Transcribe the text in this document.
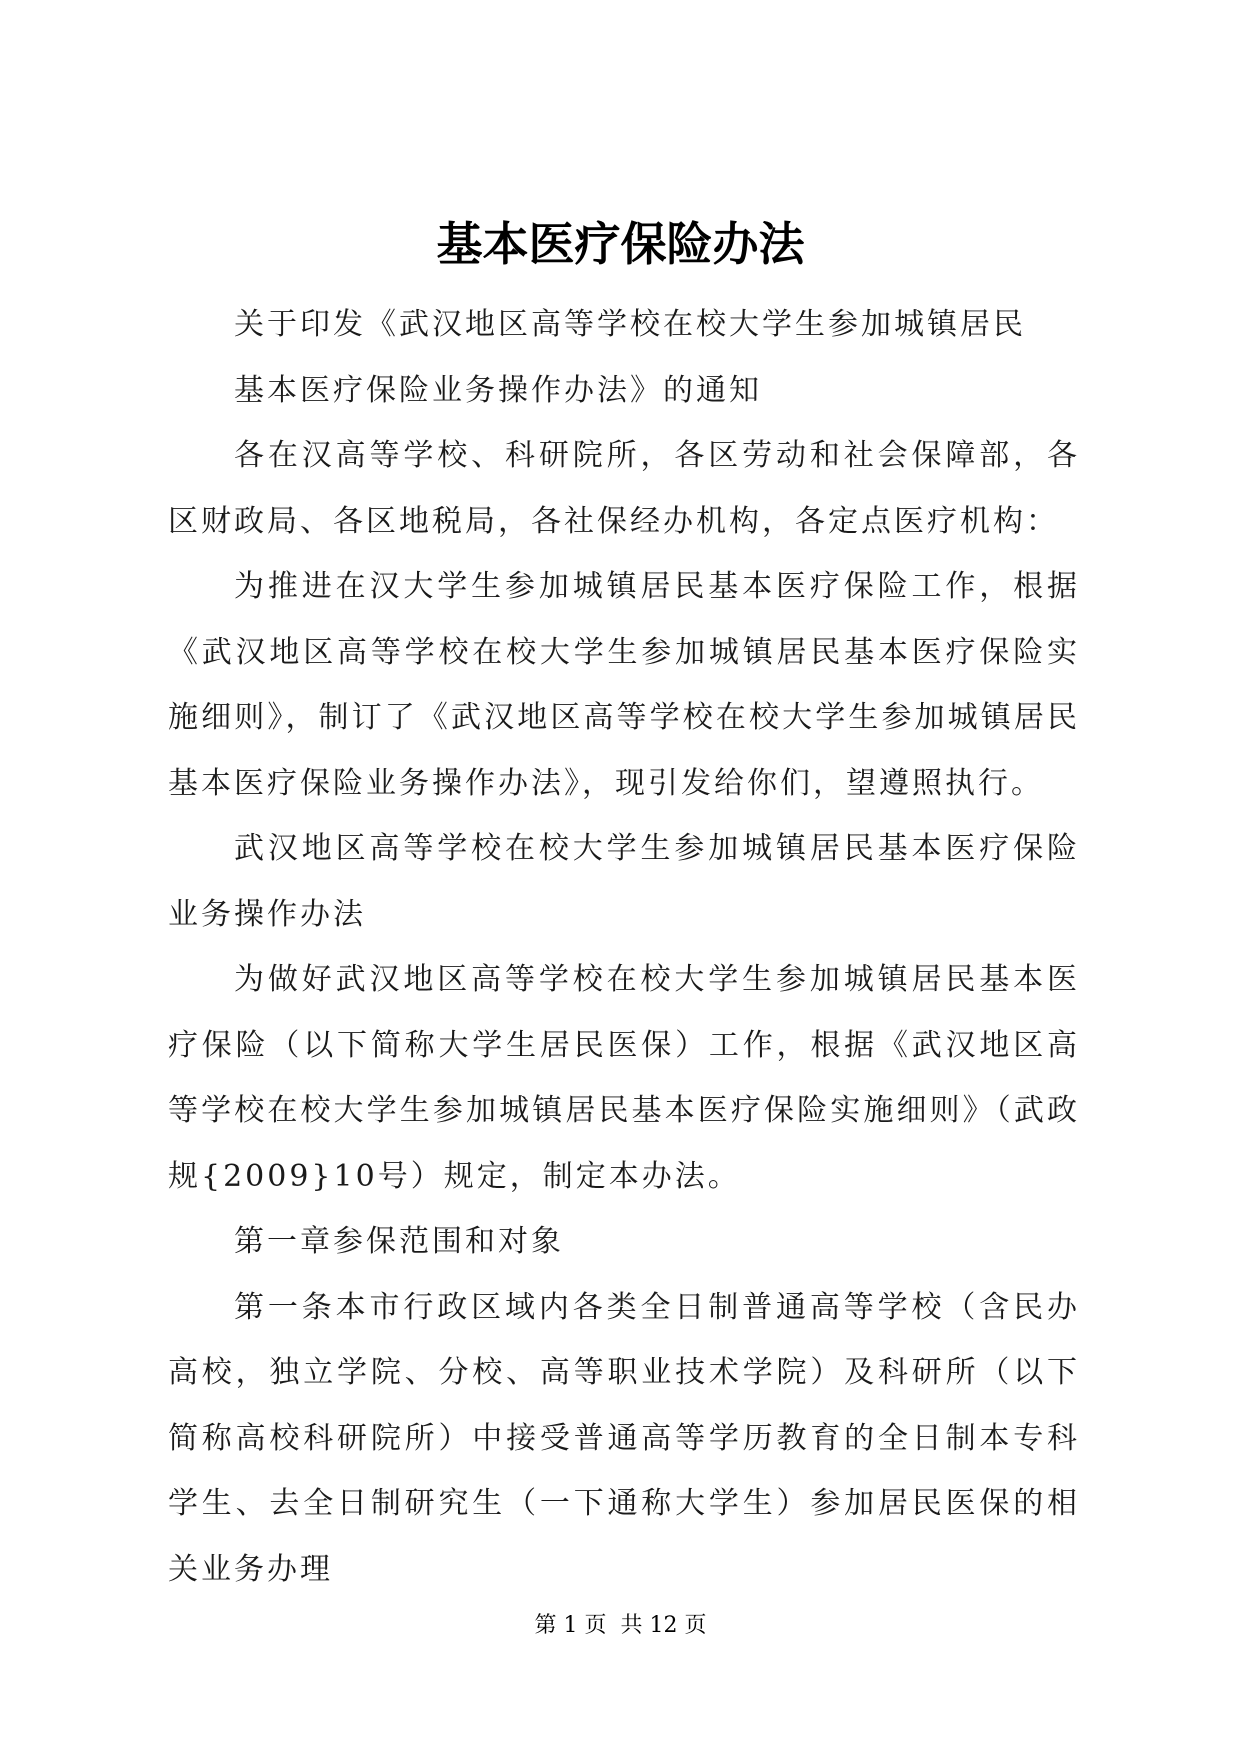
基本医疗保险办法

关于印发《武汉地区高等学校在校大学生参加城镇居民

基本医疗保险业务操作办法》的通知

各在汉高等学校、科研院所，各区劳动和社会保障部，各区财政局、各区地税局，各社保经办机构，各定点医疗机构：

为推进在汉大学生参加城镇居民基本医疗保险工作，根据《武汉地区高等学校在校大学生参加城镇居民基本医疗保险实施细则》，制订了《武汉地区高等学校在校大学生参加城镇居民基本医疗保险业务操作办法》，现引发给你们，望遵照执行。

武汉地区高等学校在校大学生参加城镇居民基本医疗保险业务操作办法

为做好武汉地区高等学校在校大学生参加城镇居民基本医疗保险（以下简称大学生居民医保）工作，根据《武汉地区高等学校在校大学生参加城镇居民基本医疗保险实施细则》（武政规{2009}10号）规定，制定本办法。

第一章参保范围和对象

第一条本市行政区域内各类全日制普通高等学校（含民办高校，独立学院、分校、高等职业技术学院）及科研所（以下简称高校科研院所）中接受普通高等学历教育的全日制本专科学生、去全日制研究生（一下通称大学生）参加居民医保的相关业务办理

第 1 页  共 12 页
